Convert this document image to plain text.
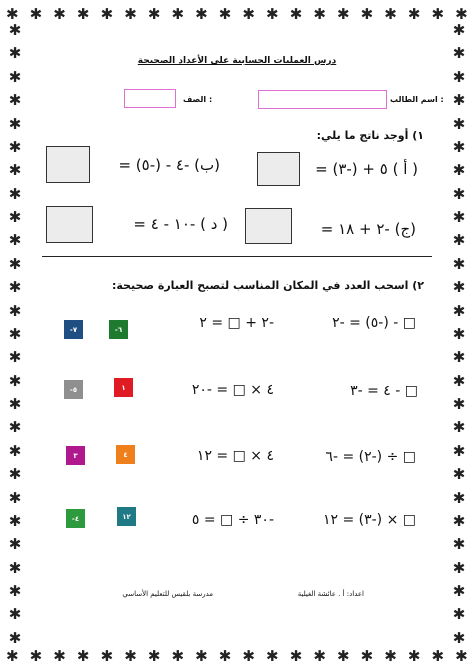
✱ ✱ ✱ ✱ ✱ ✱ ✱ ✱ ✱ ✱ ✱ ✱ ✱ ✱ ✱ ✱ ✱ ✱ ✱ ✱
✱ ✱ ✱ ✱ ✱ ✱ ✱ ✱ ✱ ✱ ✱ ✱ ✱ ✱ ✱ ✱ ✱ ✱ ✱ ✱
✱
✱
✱
✱
✱
✱
✱
✱
✱
✱
✱
✱
✱
✱
✱
✱
✱
✱
✱
✱
✱
✱
✱
✱
✱
✱
✱
✱
✱
✱
✱
✱
✱
✱
✱
✱
✱
✱
✱
✱
✱
✱
✱
✱
✱
✱
✱
✱
✱
✱
✱
✱
✱
✱
درس العمليات الحسابية على الأعداد الصحيحة
اسم الطالب :
الصف :
١) أوجد ناتج ما يلي:
( أ ) ٥ + (-٣) =
(ب) -٤ - (-٥) =
(ج) -٢ + ١٨ =
( د ) -١٠ - ٤ =
٢) اسحب العدد في المكان المناسب لتصبح العبارة صحيحة:
□ - (-٥) = -٢
□ - ٤ = -٣
□ ÷ (-٢) = -٦
□ × (-٣) = ١٢
-٢ + □ = ٢
٤ × □ = -٢٠
٤ × □ = ١٢
-٣٠ ÷ □ = ٥
-٦
-٧
١
-٥
٤
٣
١٢
-٤
اعداد: أ . عائشة الغيلية
مدرسة بلقيس للتعليم الأساسي
